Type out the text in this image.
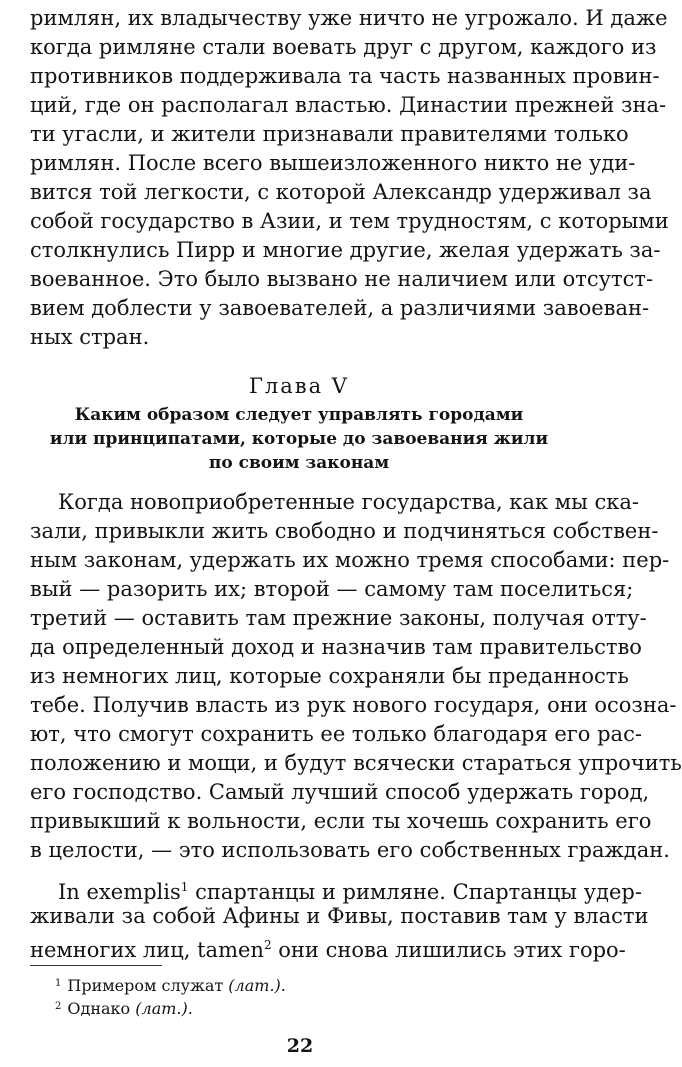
римлян, их владычеству уже ничто не угрожало. И даже
когда римляне стали воевать друг с другом, каждого из
противников поддерживала та часть названных провин-
ций, где он располагал властью. Династии прежней зна-
ти угасли, и жители признавали правителями только
римлян. После всего вышеизложенного никто не уди-
вится той легкости, с которой Александр удерживал за
собой государство в Азии, и тем трудностям, с которыми
столкнулись Пирр и многие другие, желая удержать за-
воеванное. Это было вызвано не наличием или отсутст-
вием доблести у завоевателей, а различиями завоеван-
ных стран.
Глава V
Каким образом следует управлять городами
или принципатами, которые до завоевания жили
по своим законам
Когда новоприобретенные государства, как мы ска-
зали, привыкли жить свободно и подчиняться собствен-
ным законам, удержать их можно тремя способами: пер-
вый — разорить их; второй — самому там поселиться;
третий — оставить там прежние законы, получая отту-
да определенный доход и назначив там правительство
из немногих лиц, которые сохраняли бы преданность
тебе. Получив власть из рук нового государя, они осозна-
ют, что смогут сохранить ее только благодаря его рас-
положению и мощи, и будут всячески стараться упрочить
его господство. Самый лучший способ удержать город,
привыкший к вольности, если ты хочешь сохранить его
в целости, — это использовать его собственных граждан.
In exemplis$^1$ спартанцы и римляне. Спартанцы удер-
живали за собой Афины и Фивы, поставив там у власти
немногих лиц, tamen$^2$ они снова лишились этих горо-
$^1$ Примером служат (лат.).
$^2$ Однако (лат.).
22
